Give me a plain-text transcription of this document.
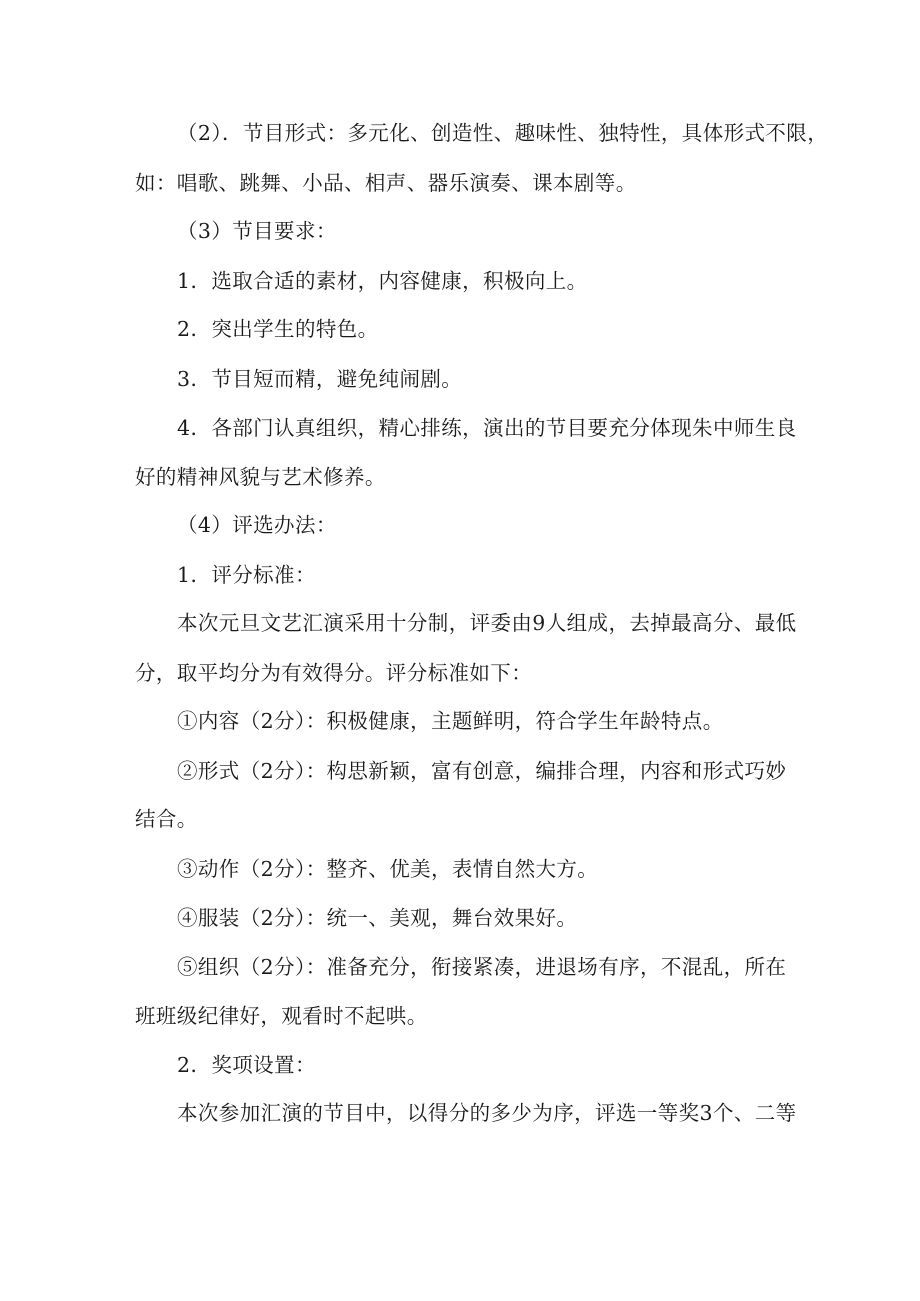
（2）．节目形式：多元化、创造性、趣味性、独特性，具体形式不限，
如：唱歌、跳舞、小品、相声、器乐演奏、课本剧等。
（3）节目要求：
1．选取合适的素材，内容健康，积极向上。
2．突出学生的特色。
3．节目短而精，避免纯闹剧。
4．各部门认真组织，精心排练，演出的节目要充分体现朱中师生良
好的精神风貌与艺术修养。
（4）评选办法：
1．评分标准：
本次元旦文艺汇演采用十分制，评委由9人组成，去掉最高分、最低
分，取平均分为有效得分。评分标准如下：
①内容（2分）：积极健康，主题鲜明，符合学生年龄特点。
②形式（2分）：构思新颖，富有创意，编排合理，内容和形式巧妙
结合。
③动作（2分）：整齐、优美，表情自然大方。
④服装（2分）：统一、美观，舞台效果好。
⑤组织（2分）：准备充分，衔接紧凑，进退场有序，不混乱，所在
班班级纪律好，观看时不起哄。
2．奖项设置：
本次参加汇演的节目中，以得分的多少为序，评选一等奖3个、二等
